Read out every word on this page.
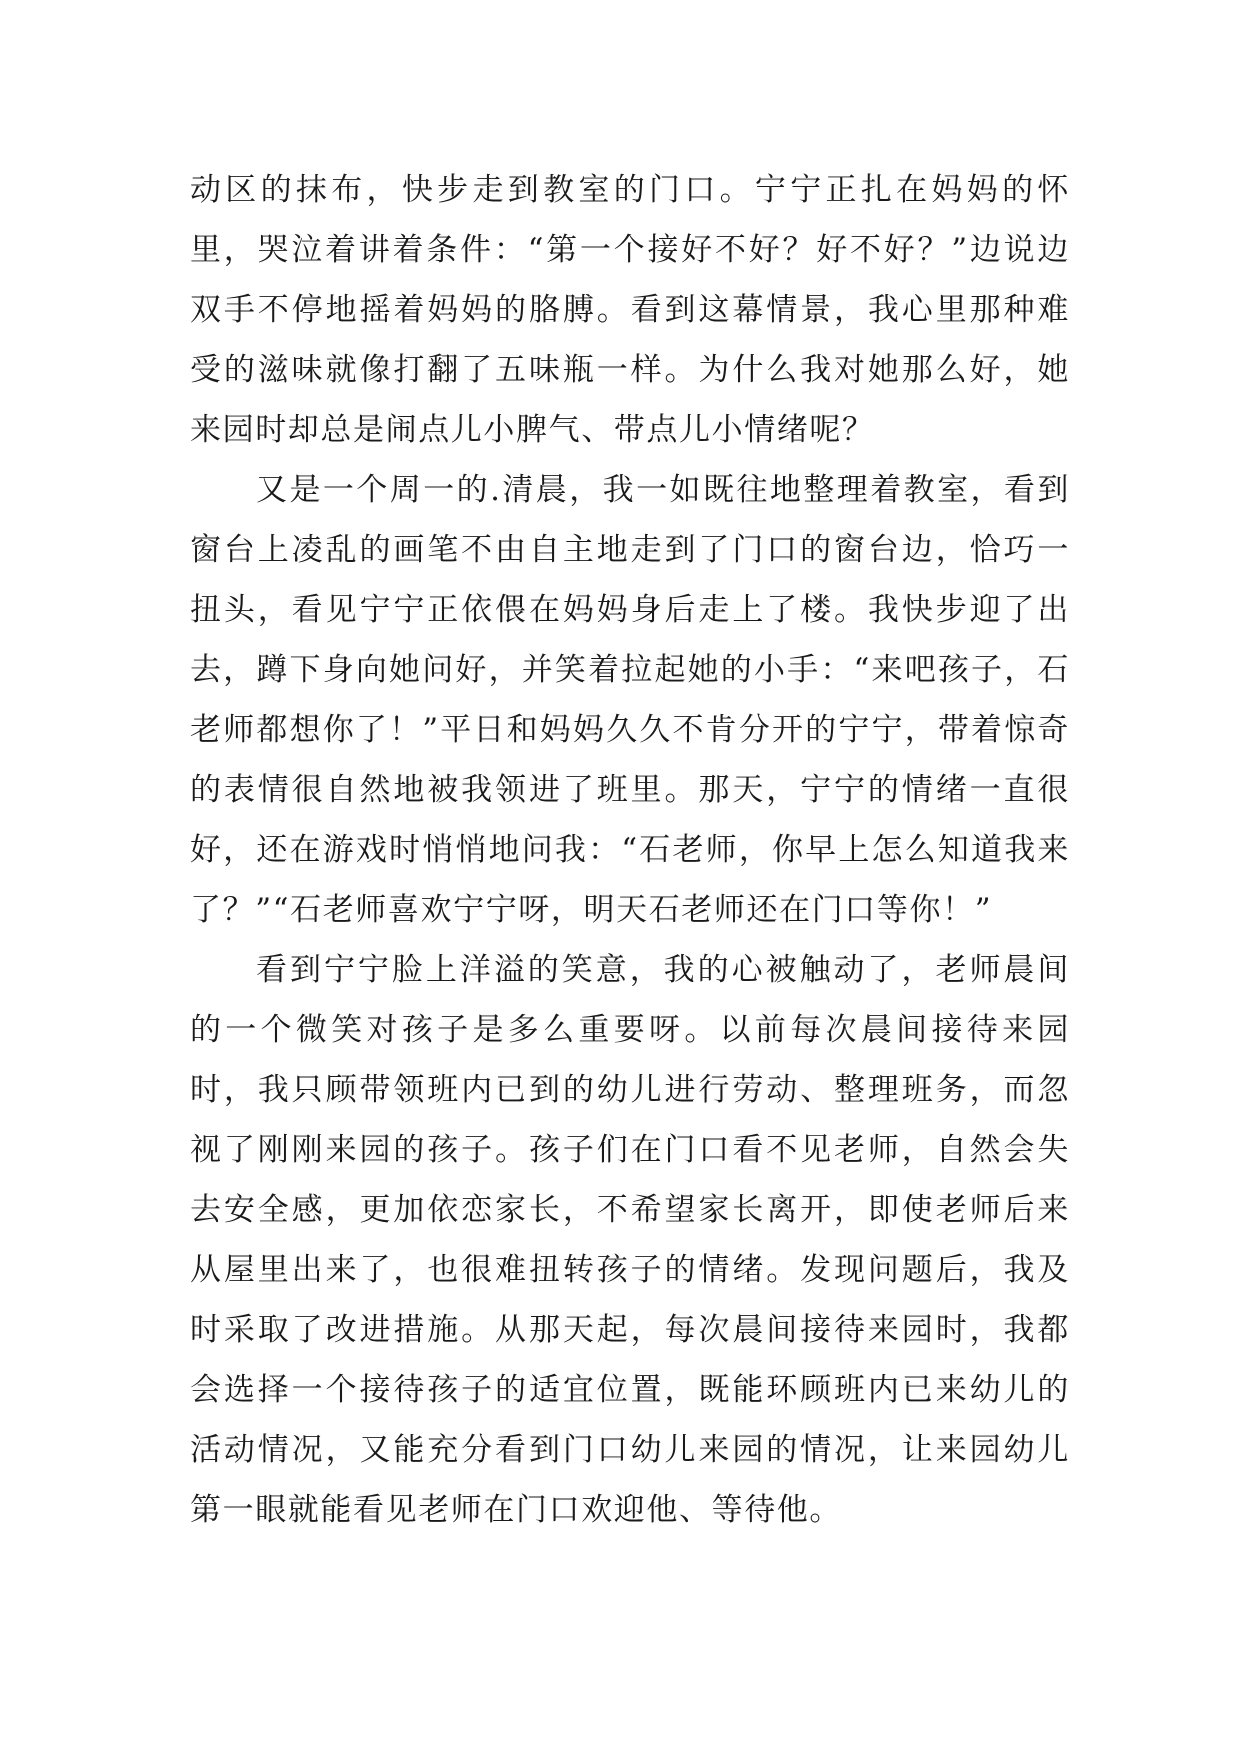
动区的抹布，快步走到教室的门口。宁宁正扎在妈妈的怀里，哭泣着讲着条件：“第一个接好不好？好不好？”边说边双手不停地摇着妈妈的胳膊。看到这幕情景，我心里那种难受的滋味就像打翻了五味瓶一样。为什么我对她那么好，她来园时却总是闹点儿小脾气、带点儿小情绪呢？

又是一个周一的.清晨，我一如既往地整理着教室，看到窗台上凌乱的画笔不由自主地走到了门口的窗台边，恰巧一扭头，看见宁宁正依偎在妈妈身后走上了楼。我快步迎了出去，蹲下身向她问好，并笑着拉起她的小手：“来吧孩子，石老师都想你了！”平日和妈妈久久不肯分开的宁宁，带着惊奇的表情很自然地被我领进了班里。那天，宁宁的情绪一直很好，还在游戏时悄悄地问我：“石老师，你早上怎么知道我来了？”“石老师喜欢宁宁呀，明天石老师还在门口等你！”

看到宁宁脸上洋溢的笑意，我的心被触动了，老师晨间的一个微笑对孩子是多么重要呀。以前每次晨间接待来园时，我只顾带领班内已到的幼儿进行劳动、整理班务，而忽视了刚刚来园的孩子。孩子们在门口看不见老师，自然会失去安全感，更加依恋家长，不希望家长离开，即使老师后来从屋里出来了，也很难扭转孩子的情绪。发现问题后，我及时采取了改进措施。从那天起，每次晨间接待来园时，我都会选择一个接待孩子的适宜位置，既能环顾班内已来幼儿的活动情况，又能充分看到门口幼儿来园的情况，让来园幼儿第一眼就能看见老师在门口欢迎他、等待他。
